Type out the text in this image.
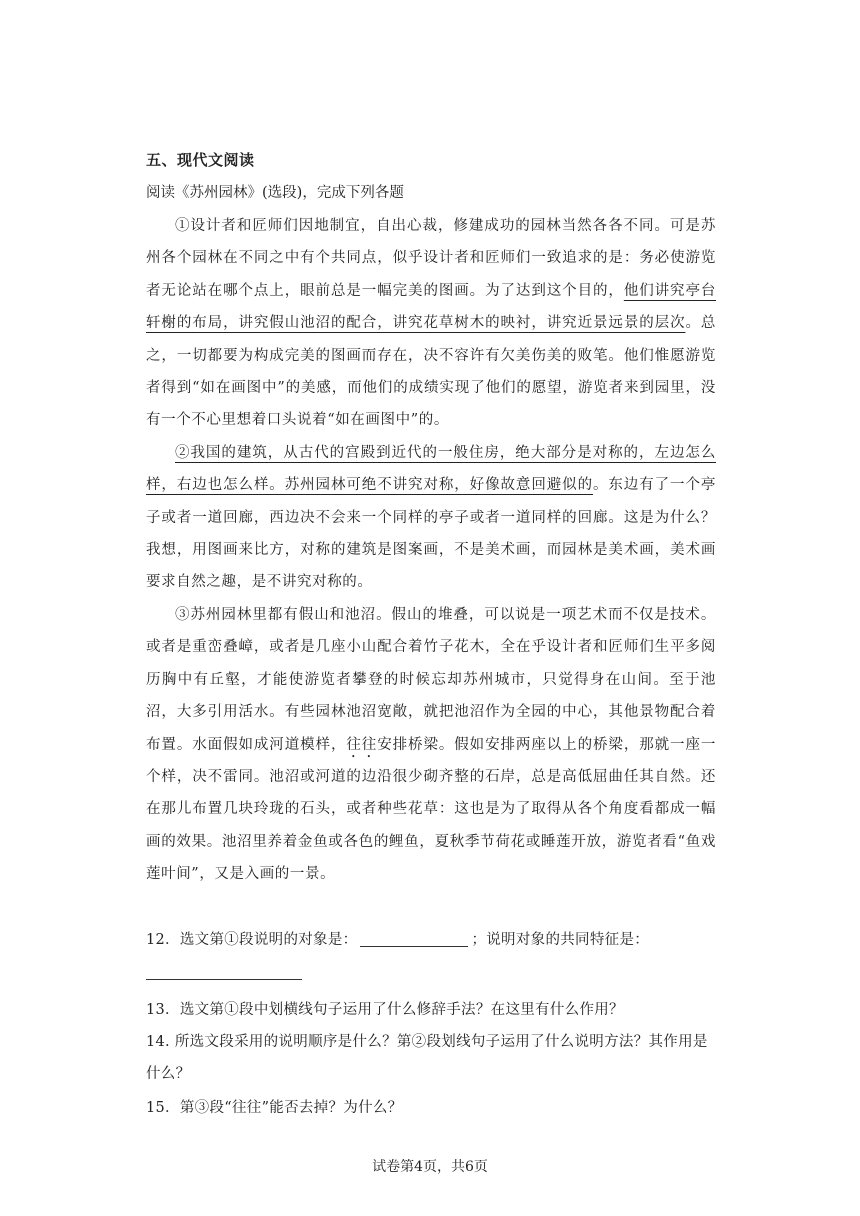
五、现代文阅读
阅读《苏州园林》(选段)，完成下列各题

①设计者和匠师们因地制宜，自出心裁，修建成功的园林当然各各不同。可是苏州各个园林在不同之中有个共同点，似乎设计者和匠师们一致追求的是：务必使游览者无论站在哪个点上，眼前总是一幅完美的图画。为了达到这个目的，他们讲究亭台轩榭的布局，讲究假山池沼的配合，讲究花草树木的映衬，讲究近景远景的层次。总之，一切都要为构成完美的图画而存在，决不容许有欠美伤美的败笔。他们惟愿游览者得到“如在画图中”的美感，而他们的成绩实现了他们的愿望，游览者来到园里，没有一个不心里想着口头说着“如在画图中”的。

②我国的建筑，从古代的宫殿到近代的一般住房，绝大部分是对称的，左边怎么样，右边也怎么样。苏州园林可绝不讲究对称，好像故意回避似的。东边有了一个亭子或者一道回廊，西边决不会来一个同样的亭子或者一道同样的回廊。这是为什么？我想，用图画来比方，对称的建筑是图案画，不是美术画，而园林是美术画，美术画要求自然之趣，是不讲究对称的。

③苏州园林里都有假山和池沼。假山的堆叠，可以说是一项艺术而不仅是技术。或者是重峦叠嶂，或者是几座小山配合着竹子花木，全在乎设计者和匠师们生平多阅历胸中有丘壑，才能使游览者攀登的时候忘却苏州城市，只觉得身在山间。至于池沼，大多引用活水。有些园林池沼宽敞，就把池沼作为全园的中心，其他景物配合着布置。水面假如成河道模样，往往安排桥梁。假如安排两座以上的桥梁，那就一座一个样，决不雷同。池沼或河道的边沿很少砌齐整的石岸，总是高低屈曲任其自然。还在那儿布置几块玲珑的石头，或者种些花草：这也是为了取得从各个角度看都成一幅画的效果。池沼里养着金鱼或各色的鲤鱼，夏秋季节荷花或睡莲开放，游览者看“鱼戏莲叶间”，又是入画的一景。

12．选文第①段说明的对象是：	；说明对象的共同特征是：
13．选文第①段中划横线句子运用了什么修辞手法？在这里有什么作用？
14. 所选文段采用的说明顺序是什么？第②段划线句子运用了什么说明方法？其作用是什么？
15．第③段“往往”能否去掉？为什么？
试卷第4页，共6页
